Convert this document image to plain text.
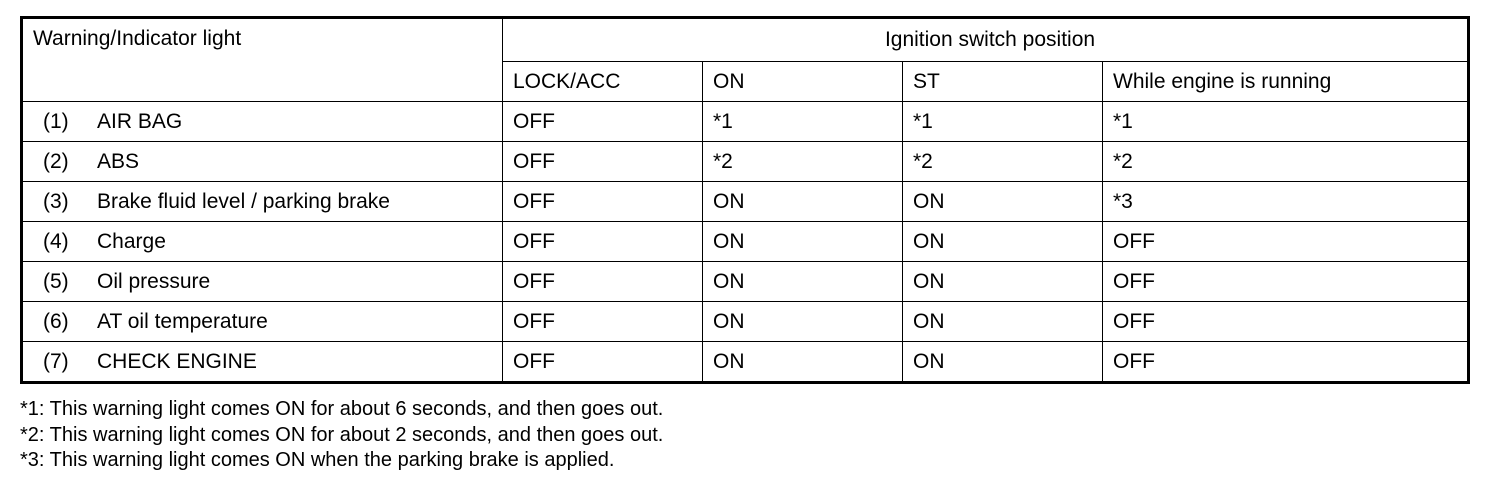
Warning/Indicator light	Ignition switch position			
	LOCK/ACC	ON	ST	While engine is running
(1) AIR BAG	OFF	*1	*1	*1
(2) ABS	OFF	*2	*2	*2
(3) Brake fluid level / parking brake	OFF	ON	ON	*3
(4) Charge	OFF	ON	ON	OFF
(5) Oil pressure	OFF	ON	ON	OFF
(6) AT oil temperature	OFF	ON	ON	OFF
(7) CHECK ENGINE	OFF	ON	ON	OFF
*1: This warning light comes ON for about 6 seconds, and then goes out.
*2: This warning light comes ON for about 2 seconds, and then goes out.
*3: This warning light comes ON when the parking brake is applied.
